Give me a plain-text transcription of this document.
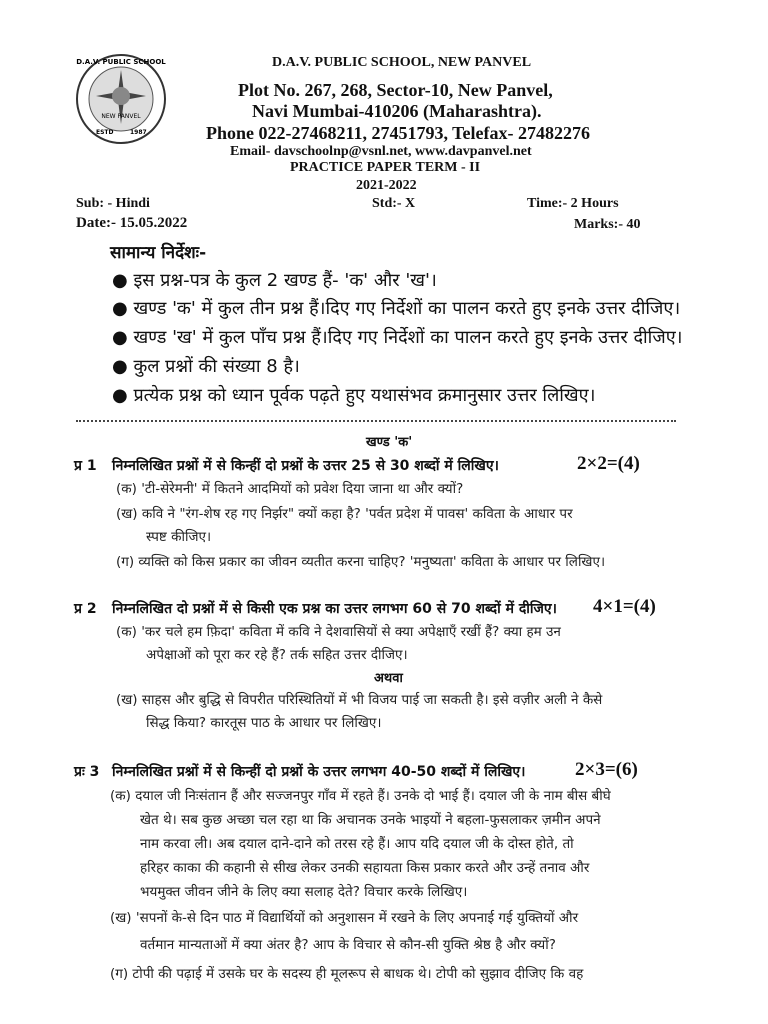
D.A.V. PUBLIC SCHOOL
NEW PANVEL
ESTD	1987
D.A.V. PUBLIC SCHOOL, NEW PANVEL
Plot No. 267, 268, Sector-10, New Panvel,
Navi Mumbai-410206 (Maharashtra).
Phone 022-27468211, 27451793, Telefax- 27482276
Email- davschoolnp@vsnl.net, www.davpanvel.net
PRACTICE PAPER TERM - II
2021-2022
Sub: - Hindi	Std:- X	Time:- 2 Hours
Date:- 15.05.2022	Marks:- 40
सामान्य निर्देशः-
● इस प्रश्न-पत्र के कुल 2 खण्ड हैं- 'क' और 'ख'।
● खण्ड 'क' में कुल तीन प्रश्न हैं।दिए गए निर्देशों का पालन करते हुए इनके उत्तर दीजिए।
● खण्ड 'ख' में कुल पाँच प्रश्न हैं।दिए गए निर्देशों का पालन करते हुए इनके उत्तर दीजिए।
● कुल प्रश्नों की संख्या 8 है।
● प्रत्येक प्रश्न को ध्यान पूर्वक पढ़ते हुए यथासंभव क्रमानुसार उत्तर लिखिए।
खण्ड 'क'
प्र 1 निम्नलिखित प्रश्नों में से किन्हीं दो प्रश्नों के उत्तर 25 से 30 शब्दों में लिखिए।	2×2=(4)
(क) 'टी-सेरेमनी' में कितने आदमियों को प्रवेश दिया जाना था और क्यों?
(ख) कवि ने "रंग-शेष रह गए निर्झर" क्यों कहा है? 'पर्वत प्रदेश में पावस' कविता के आधार पर
स्पष्ट कीजिए।
(ग) व्यक्ति को किस प्रकार का जीवन व्यतीत करना चाहिए? 'मनुष्यता' कविता के आधार पर लिखिए।
प्र 2 निम्नलिखित दो प्रश्नों में से किसी एक प्रश्न का उत्तर लगभग 60 से 70 शब्दों में दीजिए। 4×1=(4)
(क) 'कर चले हम फ़िदा' कविता में कवि ने देशवासियों से क्या अपेक्षाएँ रखीं हैं? क्या हम उन
अपेक्षाओं को पूरा कर रहे हैं? तर्क सहित उत्तर दीजिए।
अथवा
(ख) साहस और बुद्धि से विपरीत परिस्थितियों में भी विजय पाई जा सकती है। इसे वज़ीर अली ने कैसे
सिद्ध किया? कारतूस पाठ के आधार पर लिखिए।
प्रः 3 निम्नलिखित प्रश्नों में से किन्हीं दो प्रश्नों के उत्तर लगभग 40-50 शब्दों में लिखिए।	2×3=(6)
(क) दयाल जी निःसंतान हैं और सज्जनपुर गाँव में रहते हैं। उनके दो भाई हैं। दयाल जी के नाम बीस बीघे
खेत थे। सब कुछ अच्छा चल रहा था कि अचानक उनके भाइयों ने बहला-फुसलाकर ज़मीन अपने
नाम करवा ली। अब दयाल दाने-दाने को तरस रहे हैं। आप यदि दयाल जी के दोस्त होते, तो
हरिहर काका की कहानी से सीख लेकर उनकी सहायता किस प्रकार करते और उन्हें तनाव और
भयमुक्त जीवन जीने के लिए क्या सलाह देते? विचार करके लिखिए।
(ख) 'सपनों के-से दिन पाठ में विद्यार्थियों को अनुशासन में रखने के लिए अपनाई गई युक्तियों और
वर्तमान मान्यताओं में क्या अंतर है? आप के विचार से कौन-सी युक्ति श्रेष्ठ है और क्यों?
(ग) टोपी की पढ़ाई में उसके घर के सदस्य ही मूलरूप से बाधक थे। टोपी को सुझाव दीजिए कि वह
